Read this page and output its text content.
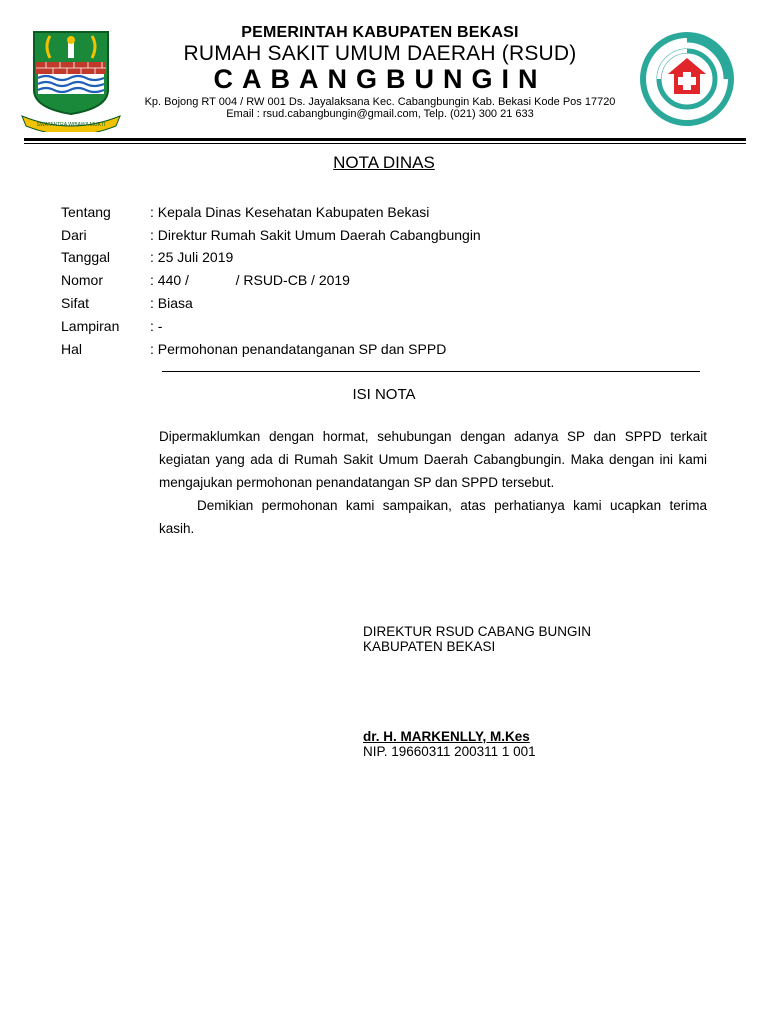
SWATANTRA WIBAWA MUKTI
PEMERINTAH KABUPATEN BEKASI
RUMAH SAKIT UMUM DAERAH (RSUD)
CABANGBUNGIN
Kp. Bojong RT 004 / RW 001 Ds. Jayalaksana Kec. Cabangbungin Kab. Bekasi Kode Pos 17720
Email : rsud.cabangbungin@gmail.com, Telp. (021) 300 21 633
NOTA DINAS
Tentang	: Kepala Dinas Kesehatan Kabupaten Bekasi
Dari	: Direktur Rumah Sakit Umum Daerah Cabangbungin
Tanggal	: 25 Juli 2019
Nomor	: 440 /            / RSUD-CB / 2019
Sifat	: Biasa
Lampiran : -
Hal	: Permohonan penandatanganan SP dan SPPD
ISI NOTA

Dipermaklumkan dengan hormat, sehubungan dengan adanya SP dan SPPD terkait kegiatan yang ada di Rumah Sakit Umum Daerah Cabangbungin. Maka dengan ini kami mengajukan permohonan penandatangan SP dan SPPD tersebut.

Demikian permohonan kami sampaikan, atas perhatianya kami ucapkan terima kasih.

DIREKTUR RSUD CABANG BUNGIN
KABUPATEN BEKASI
dr. H. MARKENLLY, M.Kes
NIP. 19660311 200311 1 001
